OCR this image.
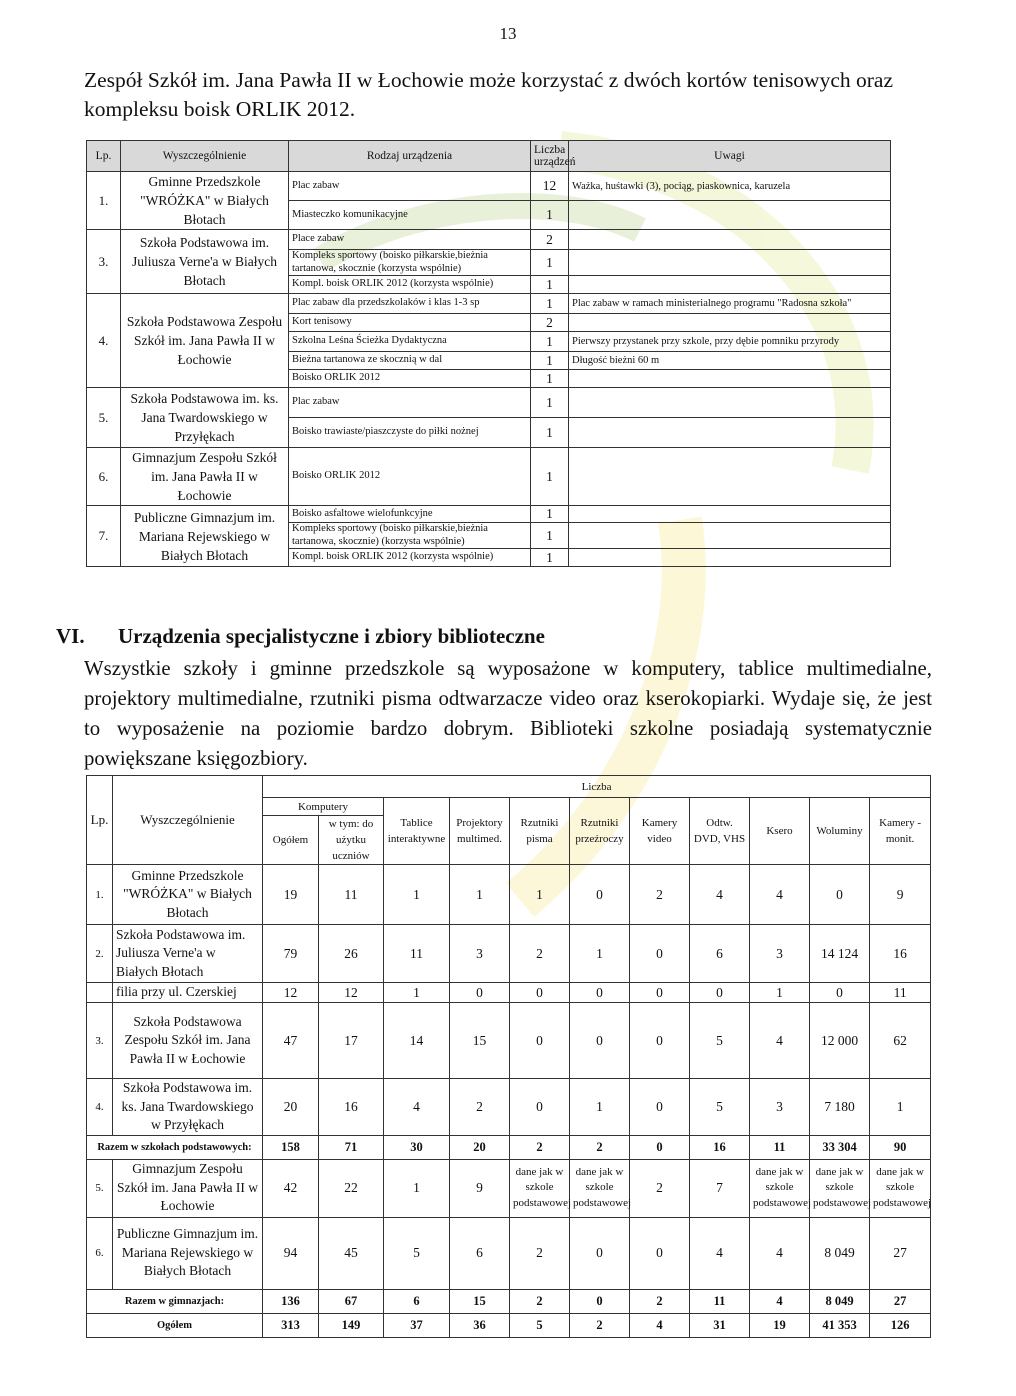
13
Zespół Szkół im. Jana Pawła II w Łochowie może korzystać z dwóch kortów tenisowych oraz kompleksu boisk ORLIK 2012.
Lp.	Wyszczególnienie	Rodzaj urządzenia	Liczba urządzeń	Uwagi
1.	Gminne Przedszkole "WRÓŻKA" w Białych Błotach	Plac zabaw	12	Ważka, huśtawki (3), pociąg, piaskownica, karuzela
		Miasteczko komunikacyjne	1	
3.	Szkoła Podstawowa im. Juliusza Verne'a w Białych Błotach	Place zabaw	2	
		Kompleks sportowy (boisko piłkarskie,bieżnia tartanowa, skocznie (korzysta wspólnie)	1	
		Kompl. boisk ORLIK 2012 (korzysta wspólnie)	1	
4.	Szkoła Podstawowa Zespołu Szkół im. Jana Pawła II w Łochowie	Plac zabaw dla przedszkolaków i klas 1-3 sp	1	Plac zabaw w ramach ministerialnego programu "Radosna szkoła"
		Kort tenisowy	2	
		Szkolna Leśna Ścieżka Dydaktyczna	1	Pierwszy przystanek przy szkole, przy dębie pomniku przyrody
		Bieżna tartanowa ze skocznią w dal	1	Długość bieżni 60 m
		Boisko ORLIK 2012	1	
5.	Szkoła Podstawowa im. ks. Jana Twardowskiego w Przyłękach	Plac zabaw	1	
		Boisko trawiaste/piaszczyste do piłki nożnej	1	
6.	Gimnazjum Zespołu Szkół im. Jana Pawła II w Łochowie	Boisko ORLIK 2012	1	
7.	Publiczne Gimnazjum im. Mariana Rejewskiego w Białych Błotach	Boisko asfaltowe wielofunkcyjne	1	
		Kompleks sportowy (boisko piłkarskie,bieżnia tartanowa, skocznie) (korzysta wspólnie)	1	
		Kompl. boisk ORLIK 2012 (korzysta wspólnie)	1	
VI. Urządzenia specjalistyczne i zbiory biblioteczne
Wszystkie szkoły i gminne przedszkole są wyposażone w komputery, tablice multimedialne, projektory multimedialne, rzutniki pisma odtwarzacze video oraz kserokopiarki. Wydaje się, że jest to wyposażenie na poziomie bardzo dobrym. Biblioteki szkolne posiadają systematycznie powiększane księgozbiory.
Lp.	Wyszczególnienie	Liczba										
		Komputery		Tablice interaktywne	Projektory multimed.	Rzutniki pisma	Rzutniki przeźroczy	Kamery video	Odtw. DVD, VHS	Ksero	Woluminy	Kamery - monit.
		Ogółem	w tym: do użytku uczniów									
1.	Gminne Przedszkole "WRÓŻKA" w Białych Błotach	19	11	1	1	1	0	2	4	4	0	9
2.	Szkoła Podstawowa im. Juliusza Verne'a w Białych Błotach	79	26	11	3	2	1	0	6	3	14 124	16
	filia przy ul. Czerskiej	12	12	1	0	0	0	0	0	1	0	11
3.	Szkoła Podstawowa Zespołu Szkół im. Jana Pawła II w Łochowie	47	17	14	15	0	0	0	5	4	12 000	62
4.	Szkoła Podstawowa im. ks. Jana Twardowskiego w Przyłękach	20	16	4	2	0	1	0	5	3	7 180	1
Razem w szkołach podstawowych:		158	71	30	20	2	2	0	16	11	33 304	90
5.	Gimnazjum Zespołu Szkół im. Jana Pawła II w Łochowie	42	22	1	9	dane jak w szkole podstawowej	dane jak w szkole podstawowej	2	7	dane jak w szkole podstawowej	dane jak w szkole podstawowej	dane jak w szkole podstawowej
6.	Publiczne Gimnazjum im. Mariana Rejewskiego w Białych Błotach	94	45	5	6	2	0	0	4	4	8 049	27
Razem w gimnazjach:		136	67	6	15	2	0	2	11	4	8 049	27
Ogółem		313	149	37	36	5	2	4	31	19	41 353	126
